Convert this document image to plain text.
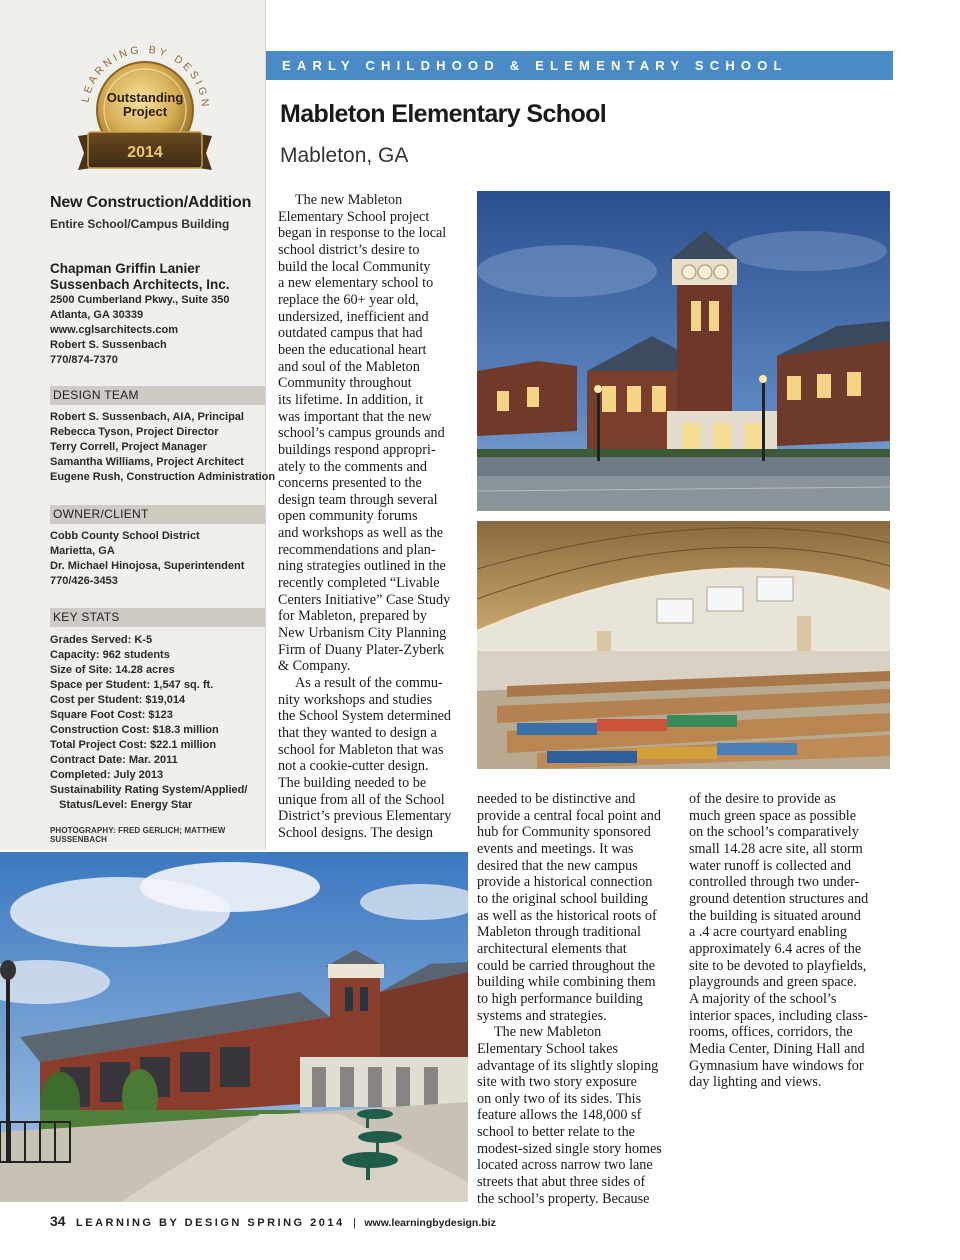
LEARNING BY DESIGN
Outstanding
Project
2014
New Construction/Addition
Entire School/Campus Building
Chapman Griffin Lanier
Sussenbach Architects, Inc.
2500 Cumberland Pkwy., Suite 350
Atlanta, GA 30339
www.cglsarchitects.com
Robert S. Sussenbach
770/874-7370
DESIGN TEAM
Robert S. Sussenbach, AIA, Principal
Rebecca Tyson, Project Director
Terry Correll, Project Manager
Samantha Williams, Project Architect
Eugene Rush, Construction Administration
OWNER/CLIENT
Cobb County School District
Marietta, GA
Dr. Michael Hinojosa, Superintendent
770/426-3453
KEY STATS
Grades Served: K-5
Capacity: 962 students
Size of Site: 14.28 acres
Space per Student: 1,547 sq. ft.
Cost per Student: $19,014
Square Foot Cost: $123
Construction Cost: $18.3 million
Total Project Cost: $22.1 million
Contract Date: Mar. 2011
Completed: July 2013
Sustainability Rating System/Applied/
Status/Level: Energy Star
PHOTOGRAPHY: FRED GERLICH; MATTHEW SUSSENBACH
EARLY CHILDHOOD & ELEMENTARY SCHOOL
Mableton Elementary School
Mableton, GA

The new Mableton
Elementary School project
began in response to the local
school district’s desire to
build the local Community
a new elementary school to
replace the 60+ year old,
undersized, inefficient and
outdated campus that had
been the educational heart
and soul of the Mableton
Community throughout
its lifetime. In addition, it
was important that the new
school’s campus grounds and
buildings respond appropri-
ately to the comments and
concerns presented to the
design team through several
open community forums
and workshops as well as the
recommendations and plan-
ning strategies outlined in the
recently completed “Livable
Centers Initiative” Case Study
for Mableton, prepared by
New Urbanism City Planning
Firm of Duany Plater-Zyberk
& Company.

As a result of the commu-
nity workshops and studies
the School System determined
that they wanted to design a
school for Mableton that was
not a cookie-cutter design.
The building needed to be
unique from all of the School
District’s previous Elementary
School designs. The design

needed to be distinctive and
provide a central focal point and
hub for Community sponsored
events and meetings. It was
desired that the new campus
provide a historical connection
to the original school building
as well as the historical roots of
Mableton through traditional
architectural elements that
could be carried throughout the
building while combining them
to high performance building
systems and strategies.

The new Mableton
Elementary School takes
advantage of its slightly sloping
site with two story exposure
on only two of its sides. This
feature allows the 148,000 sf
school to better relate to the
modest-sized single story homes
located across narrow two lane
streets that abut three sides of
the school’s property. Because

of the desire to provide as
much green space as possible
on the school’s comparatively
small 14.28 acre site, all storm
water runoff is collected and
controlled through two under-
ground detention structures and
the building is situated around
a .4 acre courtyard enabling
approximately 6.4 acres of the
site to be devoted to playfields,
playgrounds and green space.
A majority of the school’s
interior spaces, including class-
rooms, offices, corridors, the
Media Center, Dining Hall and
Gymnasium have windows for
day lighting and views.

34 LEARNING BY DESIGN SPRING 2014 | www.learningbydesign.biz
